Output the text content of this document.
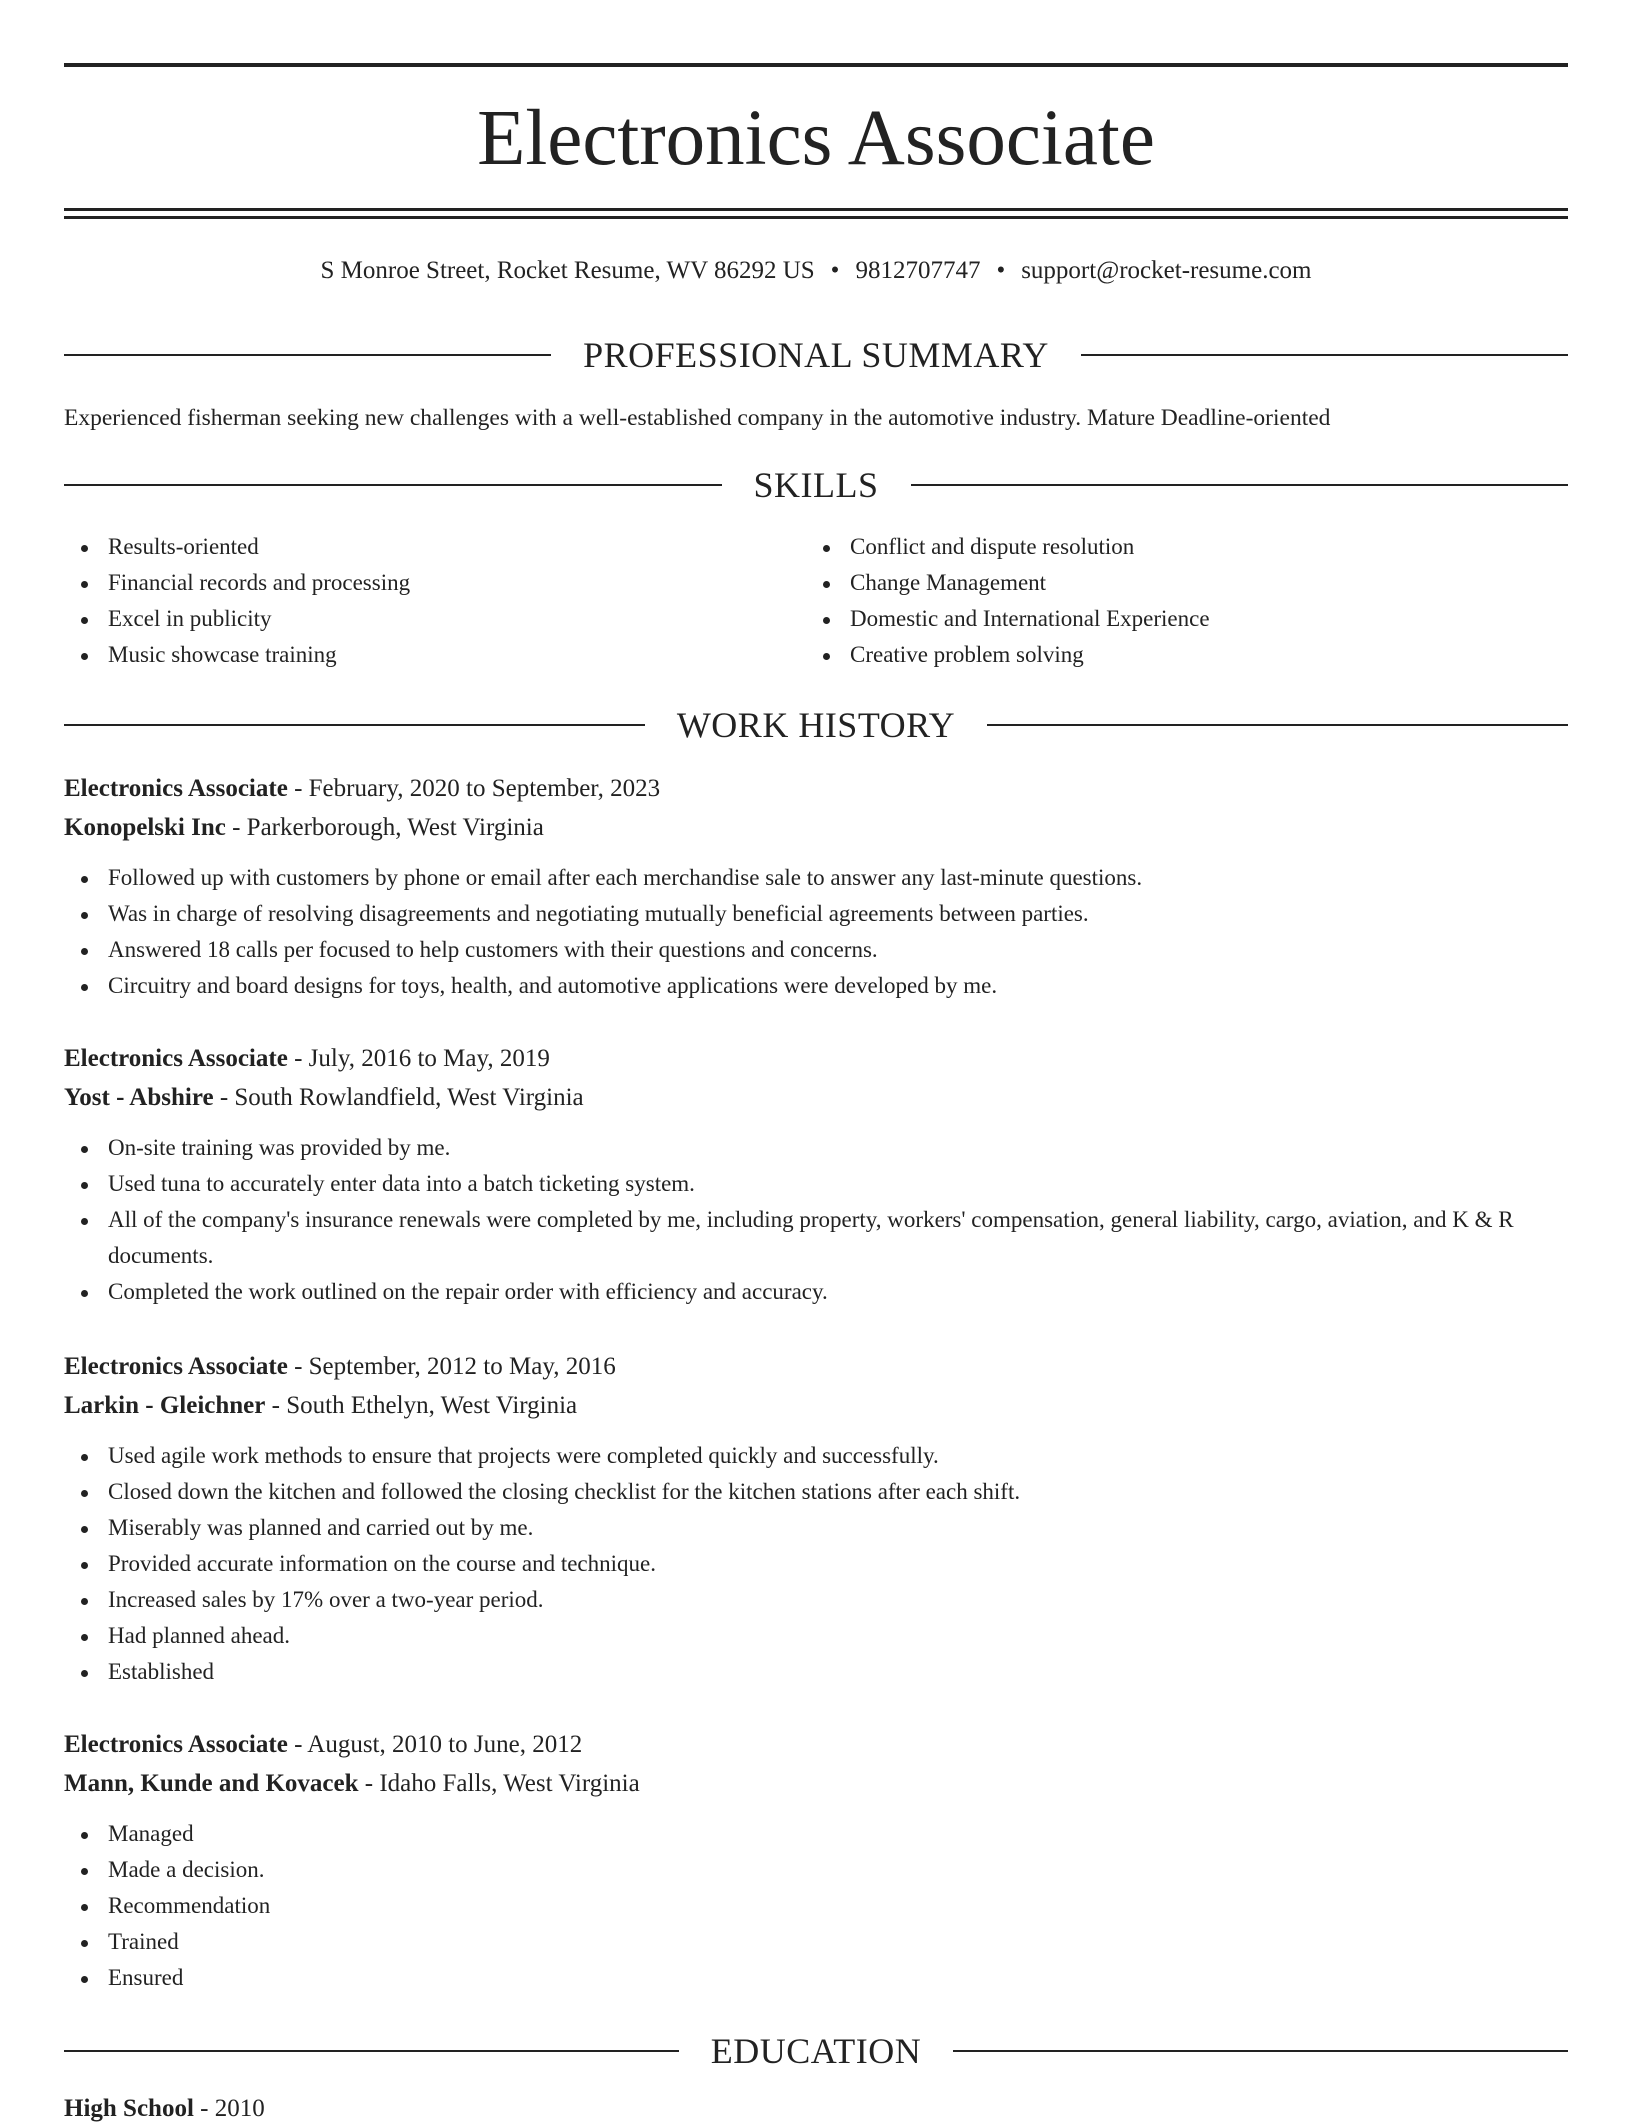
Electronics Associate
S Monroe Street, Rocket Resume, WV 86292 US • 9812707747 • support@rocket-resume.com
PROFESSIONAL SUMMARY

Experienced fisherman seeking new challenges with a well-established company in the automotive industry. Mature Deadline-oriented

SKILLS
Results-oriented
Financial records and processing
Excel in publicity
Music showcase training
Conflict and dispute resolution
Change Management
Domestic and International Experience
Creative problem solving
WORK HISTORY
Electronics Associate - February, 2020 to September, 2023
Konopelski Inc - Parkerborough, West Virginia
Followed up with customers by phone or email after each merchandise sale to answer any last-minute questions.
Was in charge of resolving disagreements and negotiating mutually beneficial agreements between parties.
Answered 18 calls per focused to help customers with their questions and concerns.
Circuitry and board designs for toys, health, and automotive applications were developed by me.
Electronics Associate - July, 2016 to May, 2019
Yost - Abshire - South Rowlandfield, West Virginia
On-site training was provided by me.
Used tuna to accurately enter data into a batch ticketing system.
All of the company's insurance renewals were completed by me, including property, workers' compensation, general liability, cargo, aviation, and K & R documents.
Completed the work outlined on the repair order with efficiency and accuracy.
Electronics Associate - September, 2012 to May, 2016
Larkin - Gleichner - South Ethelyn, West Virginia
Used agile work methods to ensure that projects were completed quickly and successfully.
Closed down the kitchen and followed the closing checklist for the kitchen stations after each shift.
Miserably was planned and carried out by me.
Provided accurate information on the course and technique.
Increased sales by 17% over a two-year period.
Had planned ahead.
Established
Electronics Associate - August, 2010 to June, 2012
Mann, Kunde and Kovacek - Idaho Falls, West Virginia
Managed
Made a decision.
Recommendation
Trained
Ensured
EDUCATION
High School - 2010
